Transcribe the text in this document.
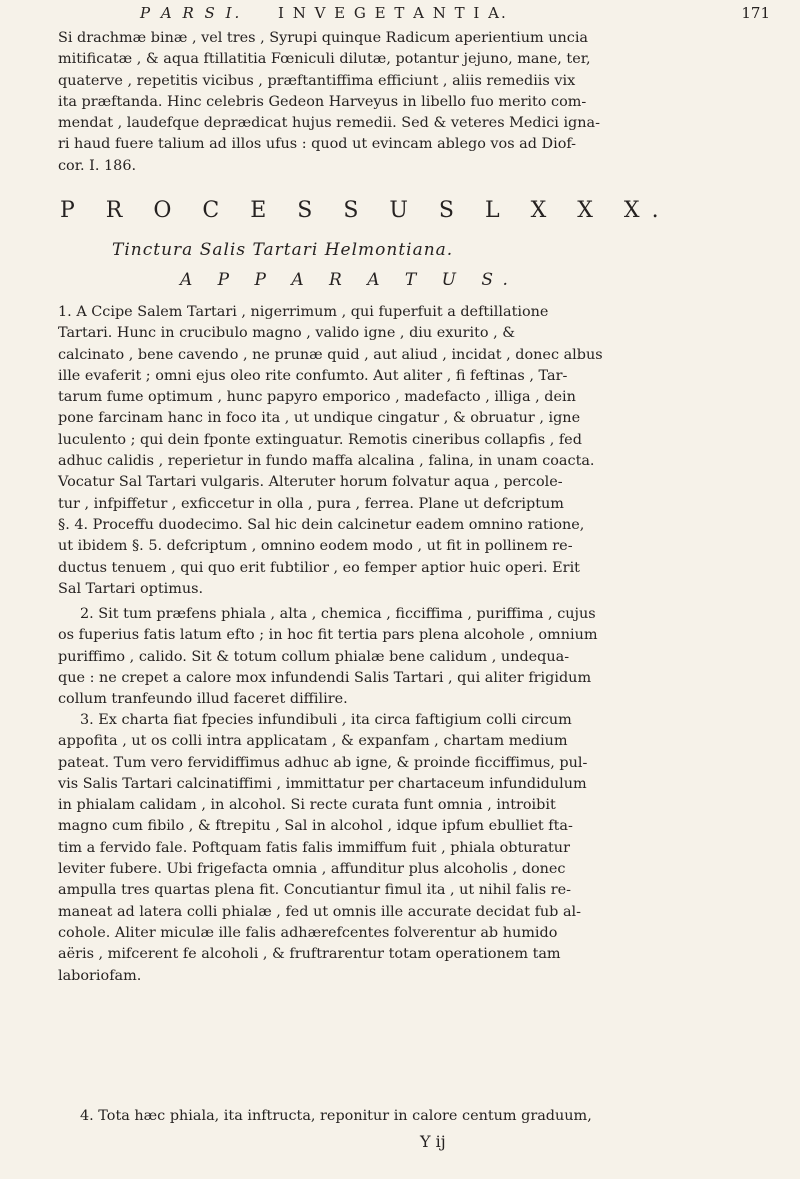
P A R S I. I N V E G E T A N T I A.	171

Si drachmæ binæ , vel tres , Syrupi quinque Radicum aperientium uncia

mitificatæ , & aqua ftillatitia Fœniculi dilutæ, potantur jejuno, mane, ter,

quaterve , repetitis vicibus , præftantiffima efficiunt , aliis remediis vix

ita præftanda. Hinc celebris Gedeon Harveyus in libello fuo merito com-

mendat , laudefque deprædicat hujus remedii. Sed & veteres Medici igna-

ri haud fuere talium ad illos ufus : quod ut evincam ablego vos ad Diof-

cor. I. 186.

P R O C E S S U S L X X X.
Tinctura Salis Tartari Helmontiana.
A P P A R A T U S.

1. A Ccipe Salem Tartari , nigerrimum , qui fuperfuit a deftillatione

Tartari. Hunc in crucibulo magno , valido igne , diu exurito , &

calcinato , bene cavendo , ne prunæ quid , aut aliud , incidat , donec albus

ille evaferit ; omni ejus oleo rite confumto. Aut aliter , fi feftinas , Tar-

tarum fume optimum , hunc papyro emporico , madefacto , illiga , dein

pone farcinam hanc in foco ita , ut undique cingatur , & obruatur , igne

luculento ; qui dein fponte extinguatur. Remotis cineribus collapfis , fed

adhuc calidis , reperietur in fundo maffa alcalina , falina, in unam coacta.

Vocatur Sal Tartari vulgaris. Alteruter horum folvatur aqua , percole-

tur , infpiffetur , exficcetur in olla , pura , ferrea. Plane ut defcriptum

§. 4. Proceffu duodecimo. Sal hic dein calcinetur eadem omnino ratione,

ut ibidem §. 5. defcriptum , omnino eodem modo , ut fit in pollinem re-

ductus tenuem , qui quo erit fubtilior , eo femper aptior huic operi. Erit

Sal Tartari optimus.

2. Sit tum præfens phiala , alta , chemica , ficciffima , puriffima , cujus

os fuperius fatis latum efto ; in hoc fit tertia pars plena alcohole , omnium

puriffimo , calido. Sit & totum collum phialæ bene calidum , undequa-

que : ne crepet a calore mox infundendi Salis Tartari , qui aliter frigidum

collum tranfeundo illud faceret diffilire.

3. Ex charta fiat fpecies infundibuli , ita circa faftigium colli circum

appofita , ut os colli intra applicatam , & expanfam , chartam medium

pateat. Tum vero fervidiffimus adhuc ab igne, & proinde ficciffimus, pul-

vis Salis Tartari calcinatiffimi , immittatur per chartaceum infundidulum

in phialam calidam , in alcohol. Si recte curata funt omnia , introibit

magno cum fibilo , & ftrepitu , Sal in alcohol , idque ipfum ebulliet fta-

tim a fervido fale. Poftquam fatis falis immiffum fuit , phiala obturatur

leviter fubere. Ubi frigefacta omnia , affunditur plus alcoholis , donec

ampulla tres quartas plena fit. Concutiantur fimul ita , ut nihil falis re-

maneat ad latera colli phialæ , fed ut omnis ille accurate decidat fub al-

cohole. Aliter miculæ ille falis adhærefcentes folverentur ab humido

aëris , mifcerent fe alcoholi , & fruftrarentur totam operationem tam

laboriofam.

4. Tota hæc phiala, ita inftructa, reponitur in calore centum graduum,

Y ij
